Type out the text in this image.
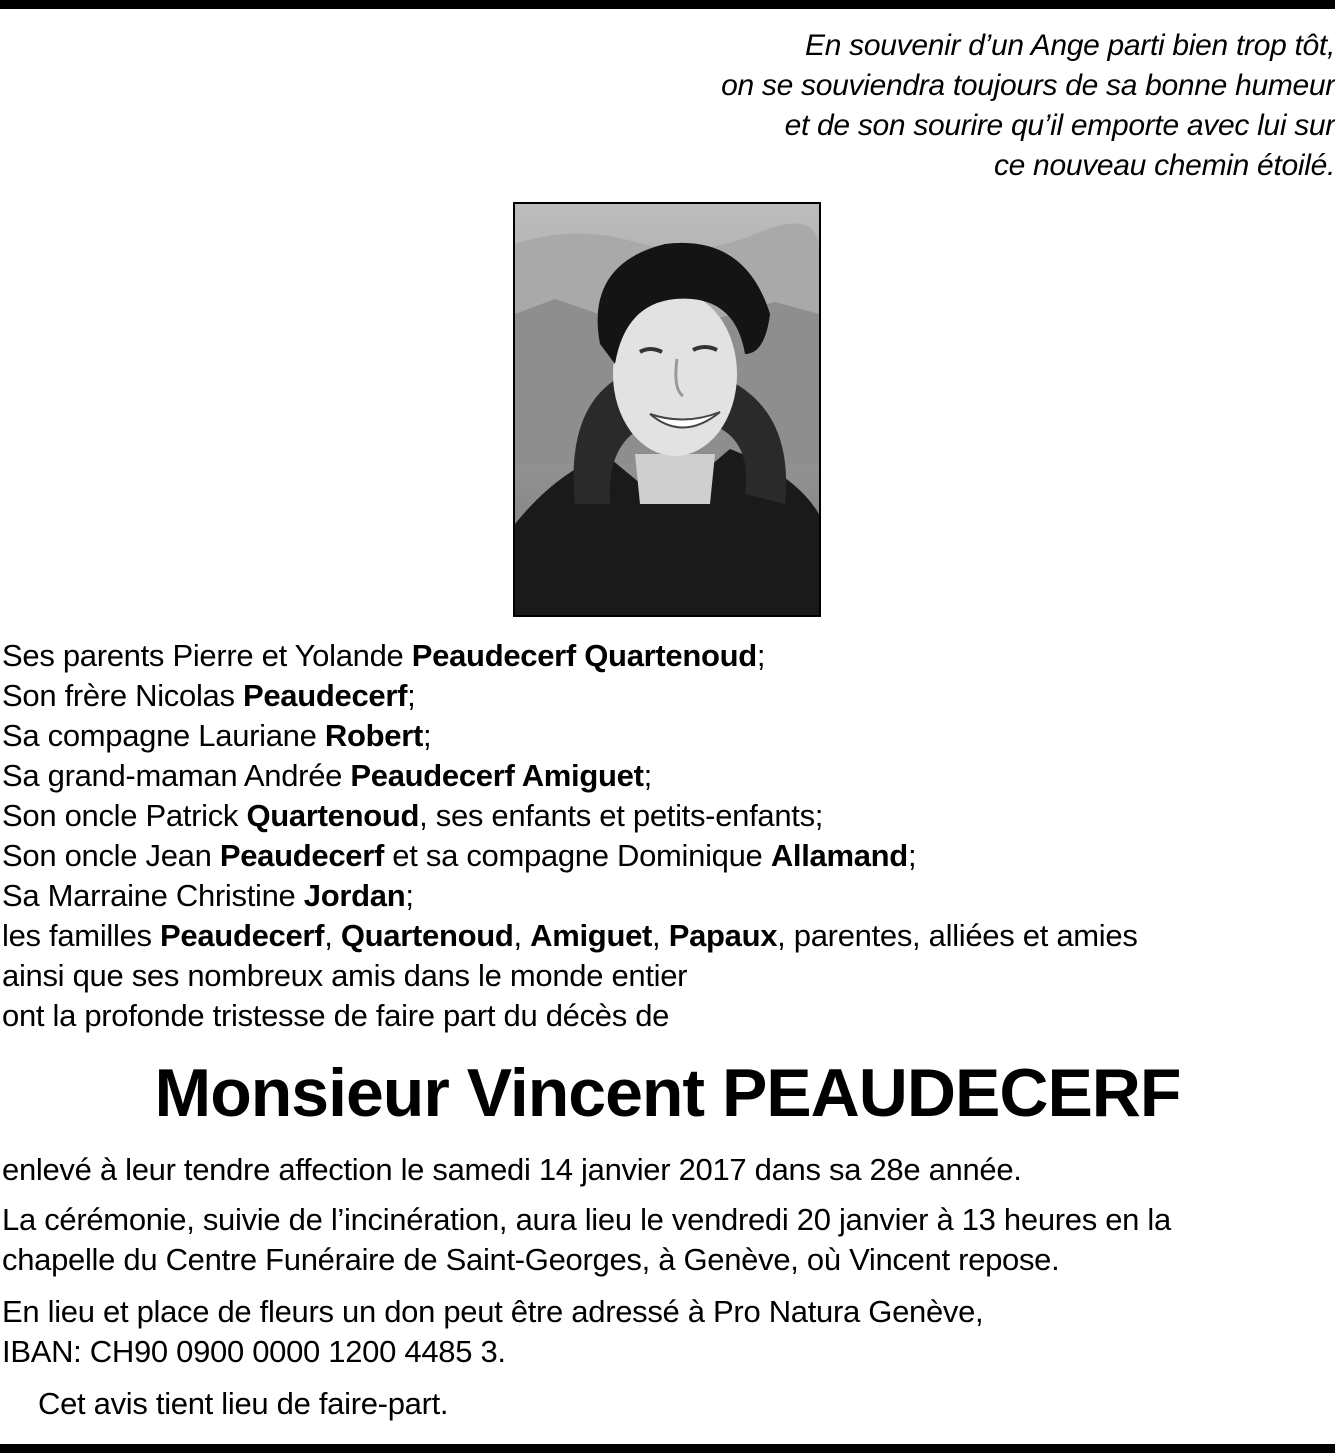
En souvenir d’un Ange parti bien trop tôt,
on se souviendra toujours de sa bonne humeur
et de son sourire qu’il emporte avec lui sur
ce nouveau chemin étoilé.
Ses parents Pierre et Yolande Peaudecerf Quartenoud;
Son frère Nicolas Peaudecerf;
Sa compagne Lauriane Robert;
Sa grand-maman Andrée Peaudecerf Amiguet;
Son oncle Patrick Quartenoud, ses enfants et petits-enfants;
Son oncle Jean Peaudecerf et sa compagne Dominique Allamand;
Sa Marraine Christine Jordan;
les familles Peaudecerf, Quartenoud, Amiguet, Papaux, parentes, alliées et amies
ainsi que ses nombreux amis dans le monde entier
ont la profonde tristesse de faire part du décès de
Monsieur Vincent PEAUDECERF
enlevé à leur tendre affection le samedi 14 janvier 2017 dans sa 28e année.
La cérémonie, suivie de l’incinération, aura lieu le vendredi 20 janvier à 13 heures en la
chapelle du Centre Funéraire de Saint-Georges, à Genève, où Vincent repose.
En lieu et place de fleurs un don peut être adressé à Pro Natura Genève,
IBAN: CH90 0900 0000 1200 4485 3.
Cet avis tient lieu de faire-part.
